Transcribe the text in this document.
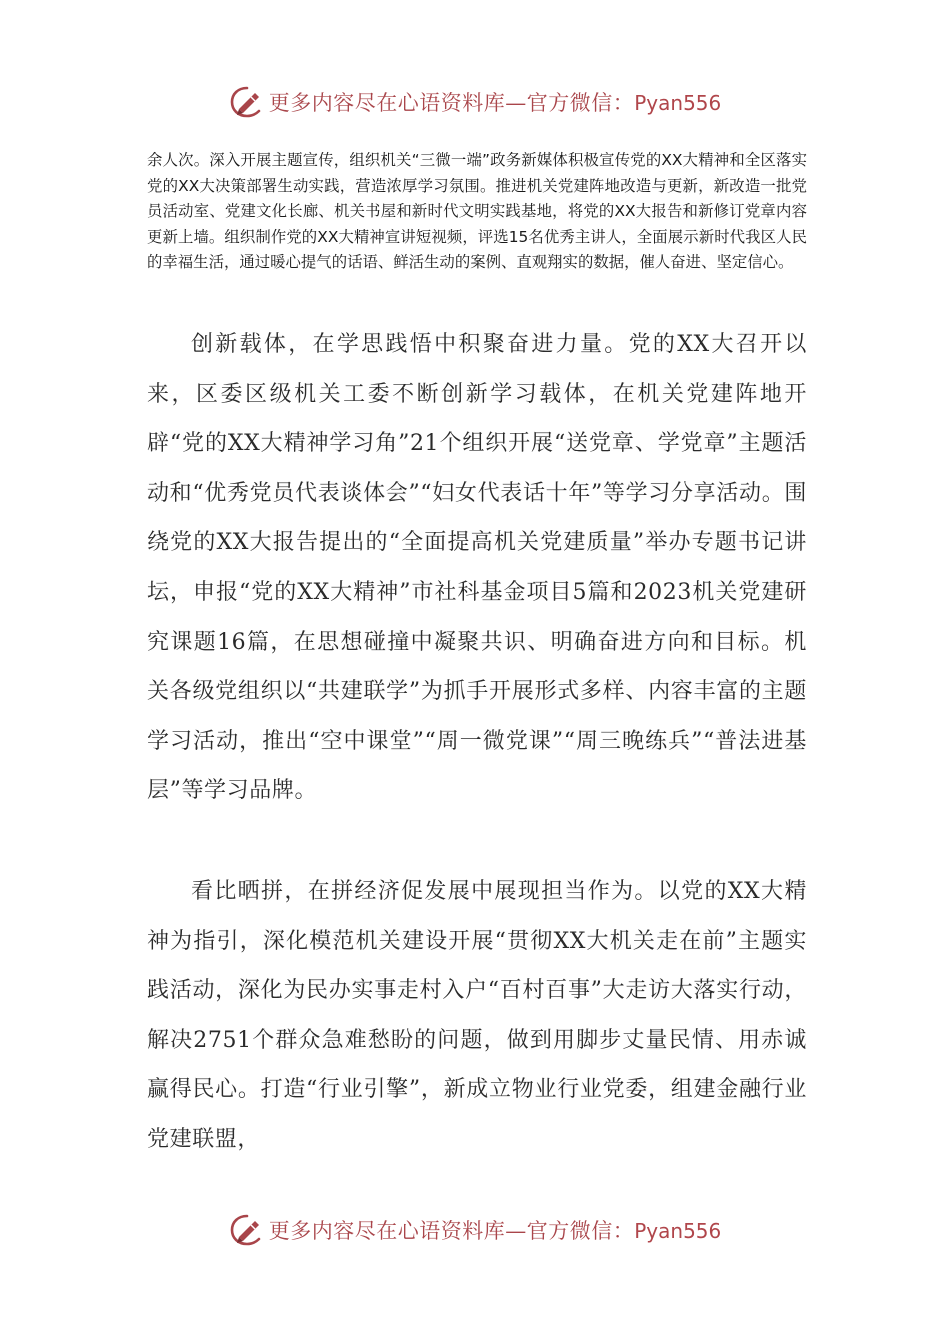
更多内容尽在心语资料库—官方微信：Pyan556

余人次。深入开展主题宣传，组织机关“三微一端”政务新媒体积极宣传党的XX大精神和全区落实党的XX大决策部署生动实践，营造浓厚学习氛围。推进机关党建阵地改造与更新，新改造一批党员活动室、党建文化长廊、机关书屋和新时代文明实践基地，将党的XX大报告和新修订党章内容更新上墙。组织制作党的XX大精神宣讲短视频，评选15名优秀主讲人，全面展示新时代我区人民的幸福生活，通过暖心提气的话语、鲜活生动的案例、直观翔实的数据，催人奋进、坚定信心。

创新载体，在学思践悟中积聚奋进力量。党的XX大召开以来，区委区级机关工委不断创新学习载体，在机关党建阵地开辟“党的XX大精神学习角”21个组织开展“送党章、学党章”主题活动和“优秀党员代表谈体会”“妇女代表话十年”等学习分享活动。围绕党的XX大报告提出的“全面提高机关党建质量”举办专题书记讲坛，申报“党的XX大精神”市社科基金项目5篇和2023机关党建研究课题16篇，在思想碰撞中凝聚共识、明确奋进方向和目标。机关各级党组织以“共建联学”为抓手开展形式多样、内容丰富的主题学习活动，推出“空中课堂”“周一微党课”“周三晚练兵”“普法进基层”等学习品牌。

看比晒拼，在拼经济促发展中展现担当作为。以党的XX大精神为指引，深化模范机关建设开展“贯彻XX大机关走在前”主题实践活动，深化为民办实事走村入户“百村百事”大走访大落实行动，解决2751个群众急难愁盼的问题，做到用脚步丈量民情、用赤诚赢得民心。打造“行业引擎”，新成立物业行业党委，组建金融行业党建联盟，

更多内容尽在心语资料库—官方微信：Pyan556
